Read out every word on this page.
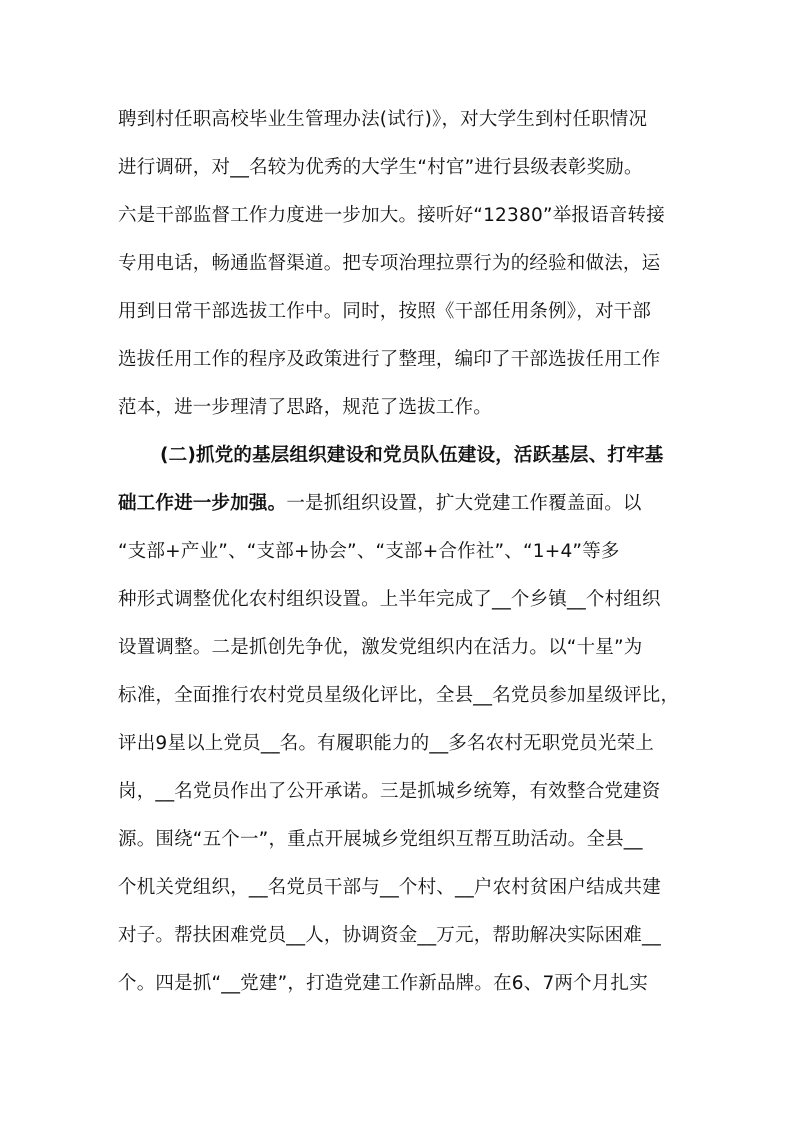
聘到村任职高校毕业生管理办法(试行)》，对大学生到村任职情况
进行调研，对__名较为优秀的大学生“村官”进行县级表彰奖励。
六是干部监督工作力度进一步加大。接听好“12380”举报语音转接
专用电话，畅通监督渠道。把专项治理拉票行为的经验和做法，运
用到日常干部选拔工作中。同时，按照《干部任用条例》，对干部
选拔任用工作的程序及政策进行了整理，编印了干部选拔任用工作
范本，进一步理清了思路，规范了选拔工作。
(二)抓党的基层组织建设和党员队伍建设，活跃基层、打牢基
础工作进一步加强。一是抓组织设置，扩大党建工作覆盖面。以
“支部+产业”、“支部+协会”、“支部+合作社”、“1+4”等多
种形式调整优化农村组织设置。上半年完成了__个乡镇__个村组织
设置调整。二是抓创先争优，激发党组织内在活力。以“十星”为
标准，全面推行农村党员星级化评比，全县__名党员参加星级评比，
评出9星以上党员__名。有履职能力的__多名农村无职党员光荣上
岗，__名党员作出了公开承诺。三是抓城乡统筹，有效整合党建资
源。围绕“五个一”，重点开展城乡党组织互帮互助活动。全县__
个机关党组织，__名党员干部与__个村、__户农村贫困户结成共建
对子。帮扶困难党员__人，协调资金__万元，帮助解决实际困难__
个。四是抓“__党建”，打造党建工作新品牌。在6、7两个月扎实
